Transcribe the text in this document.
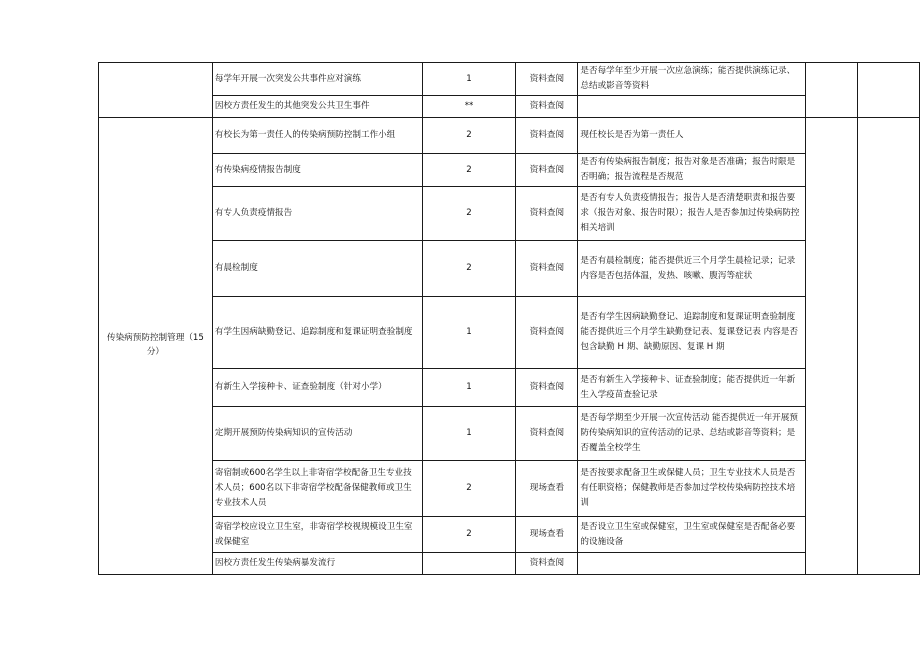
	每学年开展一次突发公共事件应对演练	1	资料查阅	是否每学年至少开展一次应急演练；能否提供演练记录、总结或影音等资料		
	因校方责任发生的其他突发公共卫生事件	**	资料查阅			
传染病预防控制管理（15分）	有校长为第一责任人的传染病预防控制工作小组	2	资料查阅	现任校长是否为第一责任人		
	有传染病疫情报告制度	2	资料查阅	是否有传染病报告制度；报告对象是否准确；报告时限是否明确；报告流程是否规范		
	有专人负责疫情报告	2	资料查阅	是否有专人负责疫情报告；报告人是否清楚职责和报告要求（报告对象、报告时限）；报告人是否参加过传染病防控相关培训		
	有晨检制度	2	资料查阅	是否有晨检制度；能否提供近三个月学生晨检记录；记录内容是否包括体温，发热、咳嗽、腹泻等症状		
	有学生因病缺勤登记、追踪制度和复课证明查验制度	1	资料查阅	是否有学生因病缺勤登记、追踪制度和复课证明查验制度能否提供近三个月学生缺勤登记表、复课登记表 内容是否包含缺勤 H 期、缺勤原因、复课 H 期		
	有新生入学接种卡、证查验制度（针对小学）	1	资料查阅	是否有新生入学接种卡、证查验制度；能否提供近一年新生入学疫苗查验记录		
	定期开展预防传染病知识的宣传活动	1	资料查阅	是否每学期至少开展一次宣传活动 能否提供近一年开展预防传染病知识的宣传活动的记录、总结或影音等资料；是否覆盖全校学生		
	寄宿制或600名学生以上非寄宿学校配备卫生专业技术人员；600名以下非寄宿学校配备保健教师或卫生专业技术人员	2	现场查看	是否按要求配备卫生或保健人员；卫生专业技术人员是否有任职资格；保健教师是否参加过学校传染病防控技术培训		
	寄宿学校应设立卫生室，非寄宿学校视规模设卫生室或保健室	2	现场查看	是否设立卫生室或保健室，卫生室或保健室是否配备必要的设施设备		
	因校方责任发生传染病暴发流行		资料查阅			
